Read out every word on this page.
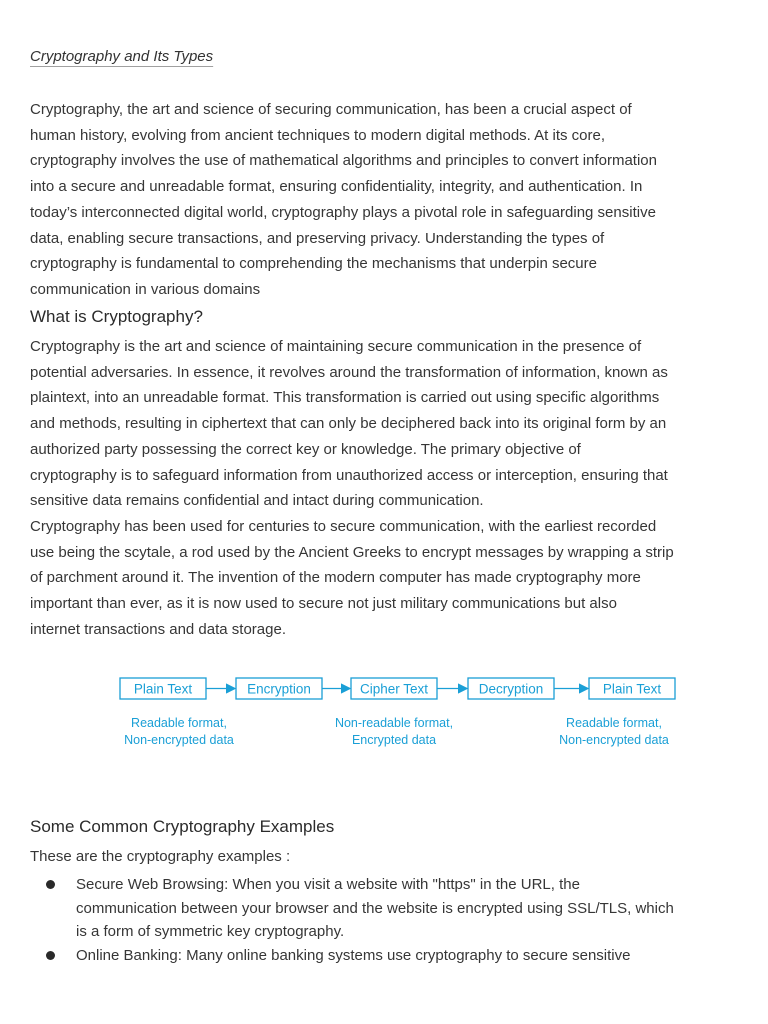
Cryptography and Its Types

Cryptography, the art and science of securing communication, has been a crucial aspect of
human history, evolving from ancient techniques to modern digital methods. At its core,
cryptography involves the use of mathematical algorithms and principles to convert information
into a secure and unreadable format, ensuring confidentiality, integrity, and authentication. In
today’s interconnected digital world, cryptography plays a pivotal role in safeguarding sensitive
data, enabling secure transactions, and preserving privacy. Understanding the types of
cryptography is fundamental to comprehending the mechanisms that underpin secure
communication in various domains

What is Cryptography?

Cryptography is the art and science of maintaining secure communication in the presence of
potential adversaries. In essence, it revolves around the transformation of information, known as
plaintext, into an unreadable format. This transformation is carried out using specific algorithms
and methods, resulting in ciphertext that can only be deciphered back into its original form by an
authorized party possessing the correct key or knowledge. The primary objective of
cryptography is to safeguard information from unauthorized access or interception, ensuring that
sensitive data remains confidential and intact during communication.

Cryptography has been used for centuries to secure communication, with the earliest recorded
use being the scytale, a rod used by the Ancient Greeks to encrypt messages by wrapping a strip
of parchment around it. The invention of the modern computer has made cryptography more
important than ever, as it is now used to secure not just military communications but also
internet transactions and data storage.

Plain Text	Encryption	Cipher Text	Decryption	Plain Text
Readable format,
Non-encrypted data
Non-readable format,
Encrypted data
Readable format,
Non-encrypted data
Some Common Cryptography Examples
These are the cryptography examples :
Secure Web Browsing: When you visit a website with "https" in the URL, the
communication between your browser and the website is encrypted using SSL/TLS, which
is a form of symmetric key cryptography.
Online Banking: Many online banking systems use cryptography to secure sensitive
